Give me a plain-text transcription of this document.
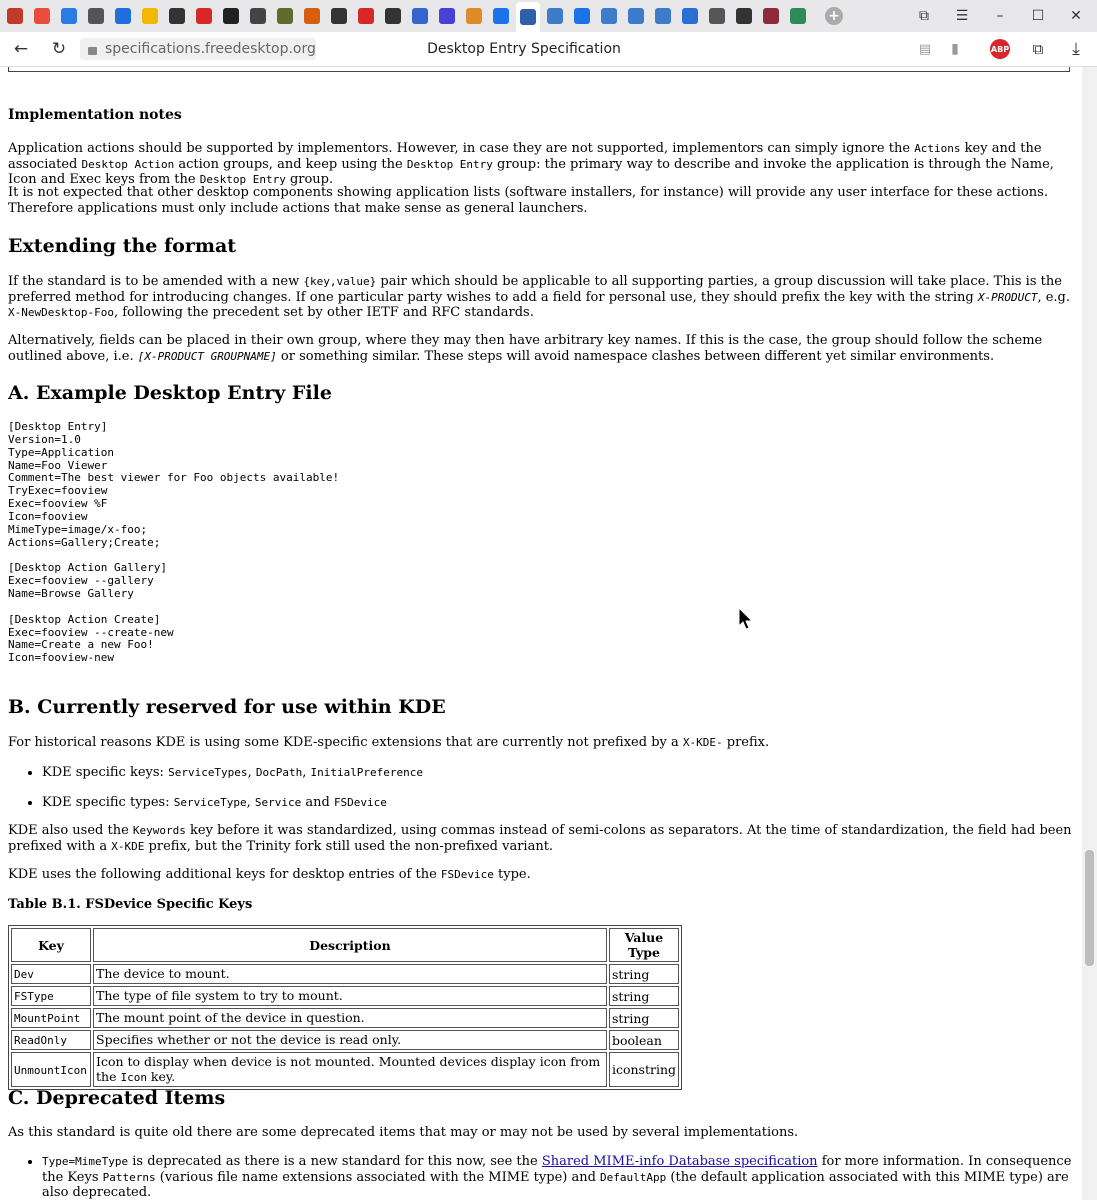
+	⧉	☰	–	☐	✕
←	↻	specifications.freedesktop.org	Desktop Entry Specification	▤	▮	ABP	⧉	⤓
Implementation notes

Application actions should be supported by implementors. However, in case they are not supported, implementors can simply ignore the Actions key and the associated Desktop Action action groups, and keep using the Desktop Entry group: the primary way to describe and invoke the application is through the Name, Icon and Exec keys from the Desktop Entry group.

It is not expected that other desktop components showing application lists (software installers, for instance) will provide any user interface for these actions. Therefore applications must only include actions that make sense as general launchers.

Extending the format

If the standard is to be amended with a new {key,value} pair which should be applicable to all supporting parties, a group discussion will take place. This is the preferred method for introducing changes. If one particular party wishes to add a field for personal use, they should prefix the key with the string X-PRODUCT, e.g. X-NewDesktop-Foo, following the precedent set by other IETF and RFC standards.

Alternatively, fields can be placed in their own group, where they may then have arbitrary key names. If this is the case, the group should follow the scheme outlined above, i.e. [X-PRODUCT GROUPNAME] or something similar. These steps will avoid namespace clashes between different yet similar environments.

A. Example Desktop Entry File
[Desktop Entry]
Version=1.0
Type=Application
Name=Foo Viewer
Comment=The best viewer for Foo objects available!
TryExec=fooview
Exec=fooview %F
Icon=fooview
MimeType=image/x-foo;
Actions=Gallery;Create;

[Desktop Action Gallery]
Exec=fooview --gallery
Name=Browse Gallery

[Desktop Action Create]
Exec=fooview --create-new
Name=Create a new Foo!
Icon=fooview-new
B. Currently reserved for use within KDE

For historical reasons KDE is using some KDE-specific extensions that are currently not prefixed by a X-KDE- prefix.

• KDE specific keys: ServiceTypes, DocPath, InitialPreference
• KDE specific types: ServiceType, Service and FSDevice

KDE also used the Keywords key before it was standardized, using commas instead of semi-colons as separators. At the time of standardization, the field had been prefixed with a X-KDE prefix, but the Trinity fork still used the non-prefixed variant.

KDE uses the following additional keys for desktop entries of the FSDevice type.

Table B.1. FSDevice Specific Keys

Key	Description	Value Type
Dev	The device to mount.	string
FSType	The type of file system to try to mount.	string
MountPoint	The mount point of the device in question.	string
ReadOnly	Specifies whether or not the device is read only.	boolean
UnmountIcon	Icon to display when device is not mounted. Mounted devices display icon from the Icon key.	iconstring
C. Deprecated Items

As this standard is quite old there are some deprecated items that may or may not be used by several implementations.

• Type=MimeType is deprecated as there is a new standard for this now, see the Shared MIME-info Database specification for more information. In consequence the Keys Patterns (various file name extensions associated with the MIME type) and DefaultApp (the default application associated with this MIME type) are also deprecated.
